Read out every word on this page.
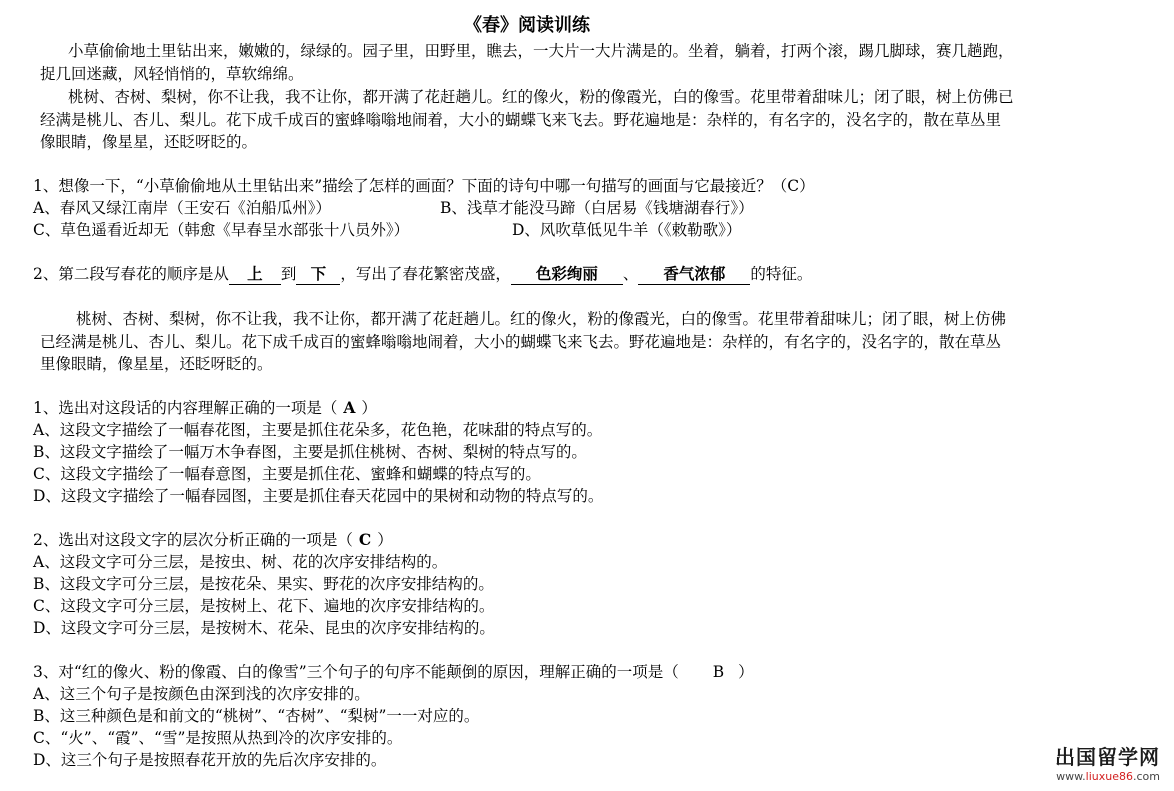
《春》阅读训练
小草偷偷地土里钻出来，嫩嫩的，绿绿的。园子里，田野里，瞧去，一大片一大片满是的。坐着，躺着，打两个滚，踢几脚球，赛几趟跑，
捉几回迷藏，风轻悄悄的，草软绵绵。
桃树、杏树、梨树，你不让我，我不让你，都开满了花赶趟儿。红的像火，粉的像霞光，白的像雪。花里带着甜味儿；闭了眼，树上仿佛已
经满是桃儿、杏儿、梨儿。花下成千成百的蜜蜂嗡嗡地闹着，大小的蝴蝶飞来飞去。野花遍地是：杂样的，有名字的，没名字的，散在草丛里
像眼睛，像星星，还眨呀眨的。
1、想像一下，“小草偷偷地从土里钻出来”描绘了怎样的画面？下面的诗句中哪一句描写的画面与它最接近？（C）
A、春风又绿江南岸（王安石《泊船瓜州》）	B、浅草才能没马蹄（白居易《钱塘湖春行》）
C、草色遥看近却无（韩愈《早春呈水部张十八员外》）	D、风吹草低见牛羊（《敕勒歌》）
2、第二段写春花的顺序是从 上 到 下 ，写出了春花繁密茂盛， 色彩绚丽 、 香气浓郁 的特征。
桃树、杏树、梨树，你不让我，我不让你，都开满了花赶趟儿。红的像火，粉的像霞光，白的像雪。花里带着甜味儿；闭了眼，树上仿佛
已经满是桃儿、杏儿、梨儿。花下成千成百的蜜蜂嗡嗡地闹着，大小的蝴蝶飞来飞去。野花遍地是：杂样的，有名字的，没名字的，散在草丛
里像眼睛，像星星，还眨呀眨的。
1、选出对这段话的内容理解正确的一项是（ A ）
A、这段文字描绘了一幅春花图，主要是抓住花朵多，花色艳，花味甜的特点写的。
B、这段文字描绘了一幅万木争春图，主要是抓住桃树、杏树、梨树的特点写的。
C、这段文字描绘了一幅春意图，主要是抓住花、蜜蜂和蝴蝶的特点写的。
D、这段文字描绘了一幅春园图，主要是抓住春天花园中的果树和动物的特点写的。
2、选出对这段文字的层次分析正确的一项是（ C ）
A、这段文字可分三层，是按虫、树、花的次序安排结构的。
B、这段文字可分三层，是按花朵、果实、野花的次序安排结构的。
C、这段文字可分三层，是按树上、花下、遍地的次序安排结构的。
D、这段文字可分三层，是按树木、花朵、昆虫的次序安排结构的。
3、对“红的像火、粉的像霞、白的像雪”三个句子的句序不能颠倒的原因，理解正确的一项是（ B ）
A、这三个句子是按颜色由深到浅的次序安排的。
B、这三种颜色是和前文的“桃树”、“杏树”、“梨树”一一对应的。
C、“火”、“霞”、“雪”是按照从热到冷的次序安排的。
D、这三个句子是按照春花开放的先后次序安排的。	出国留学网
www.liuxue86.com
